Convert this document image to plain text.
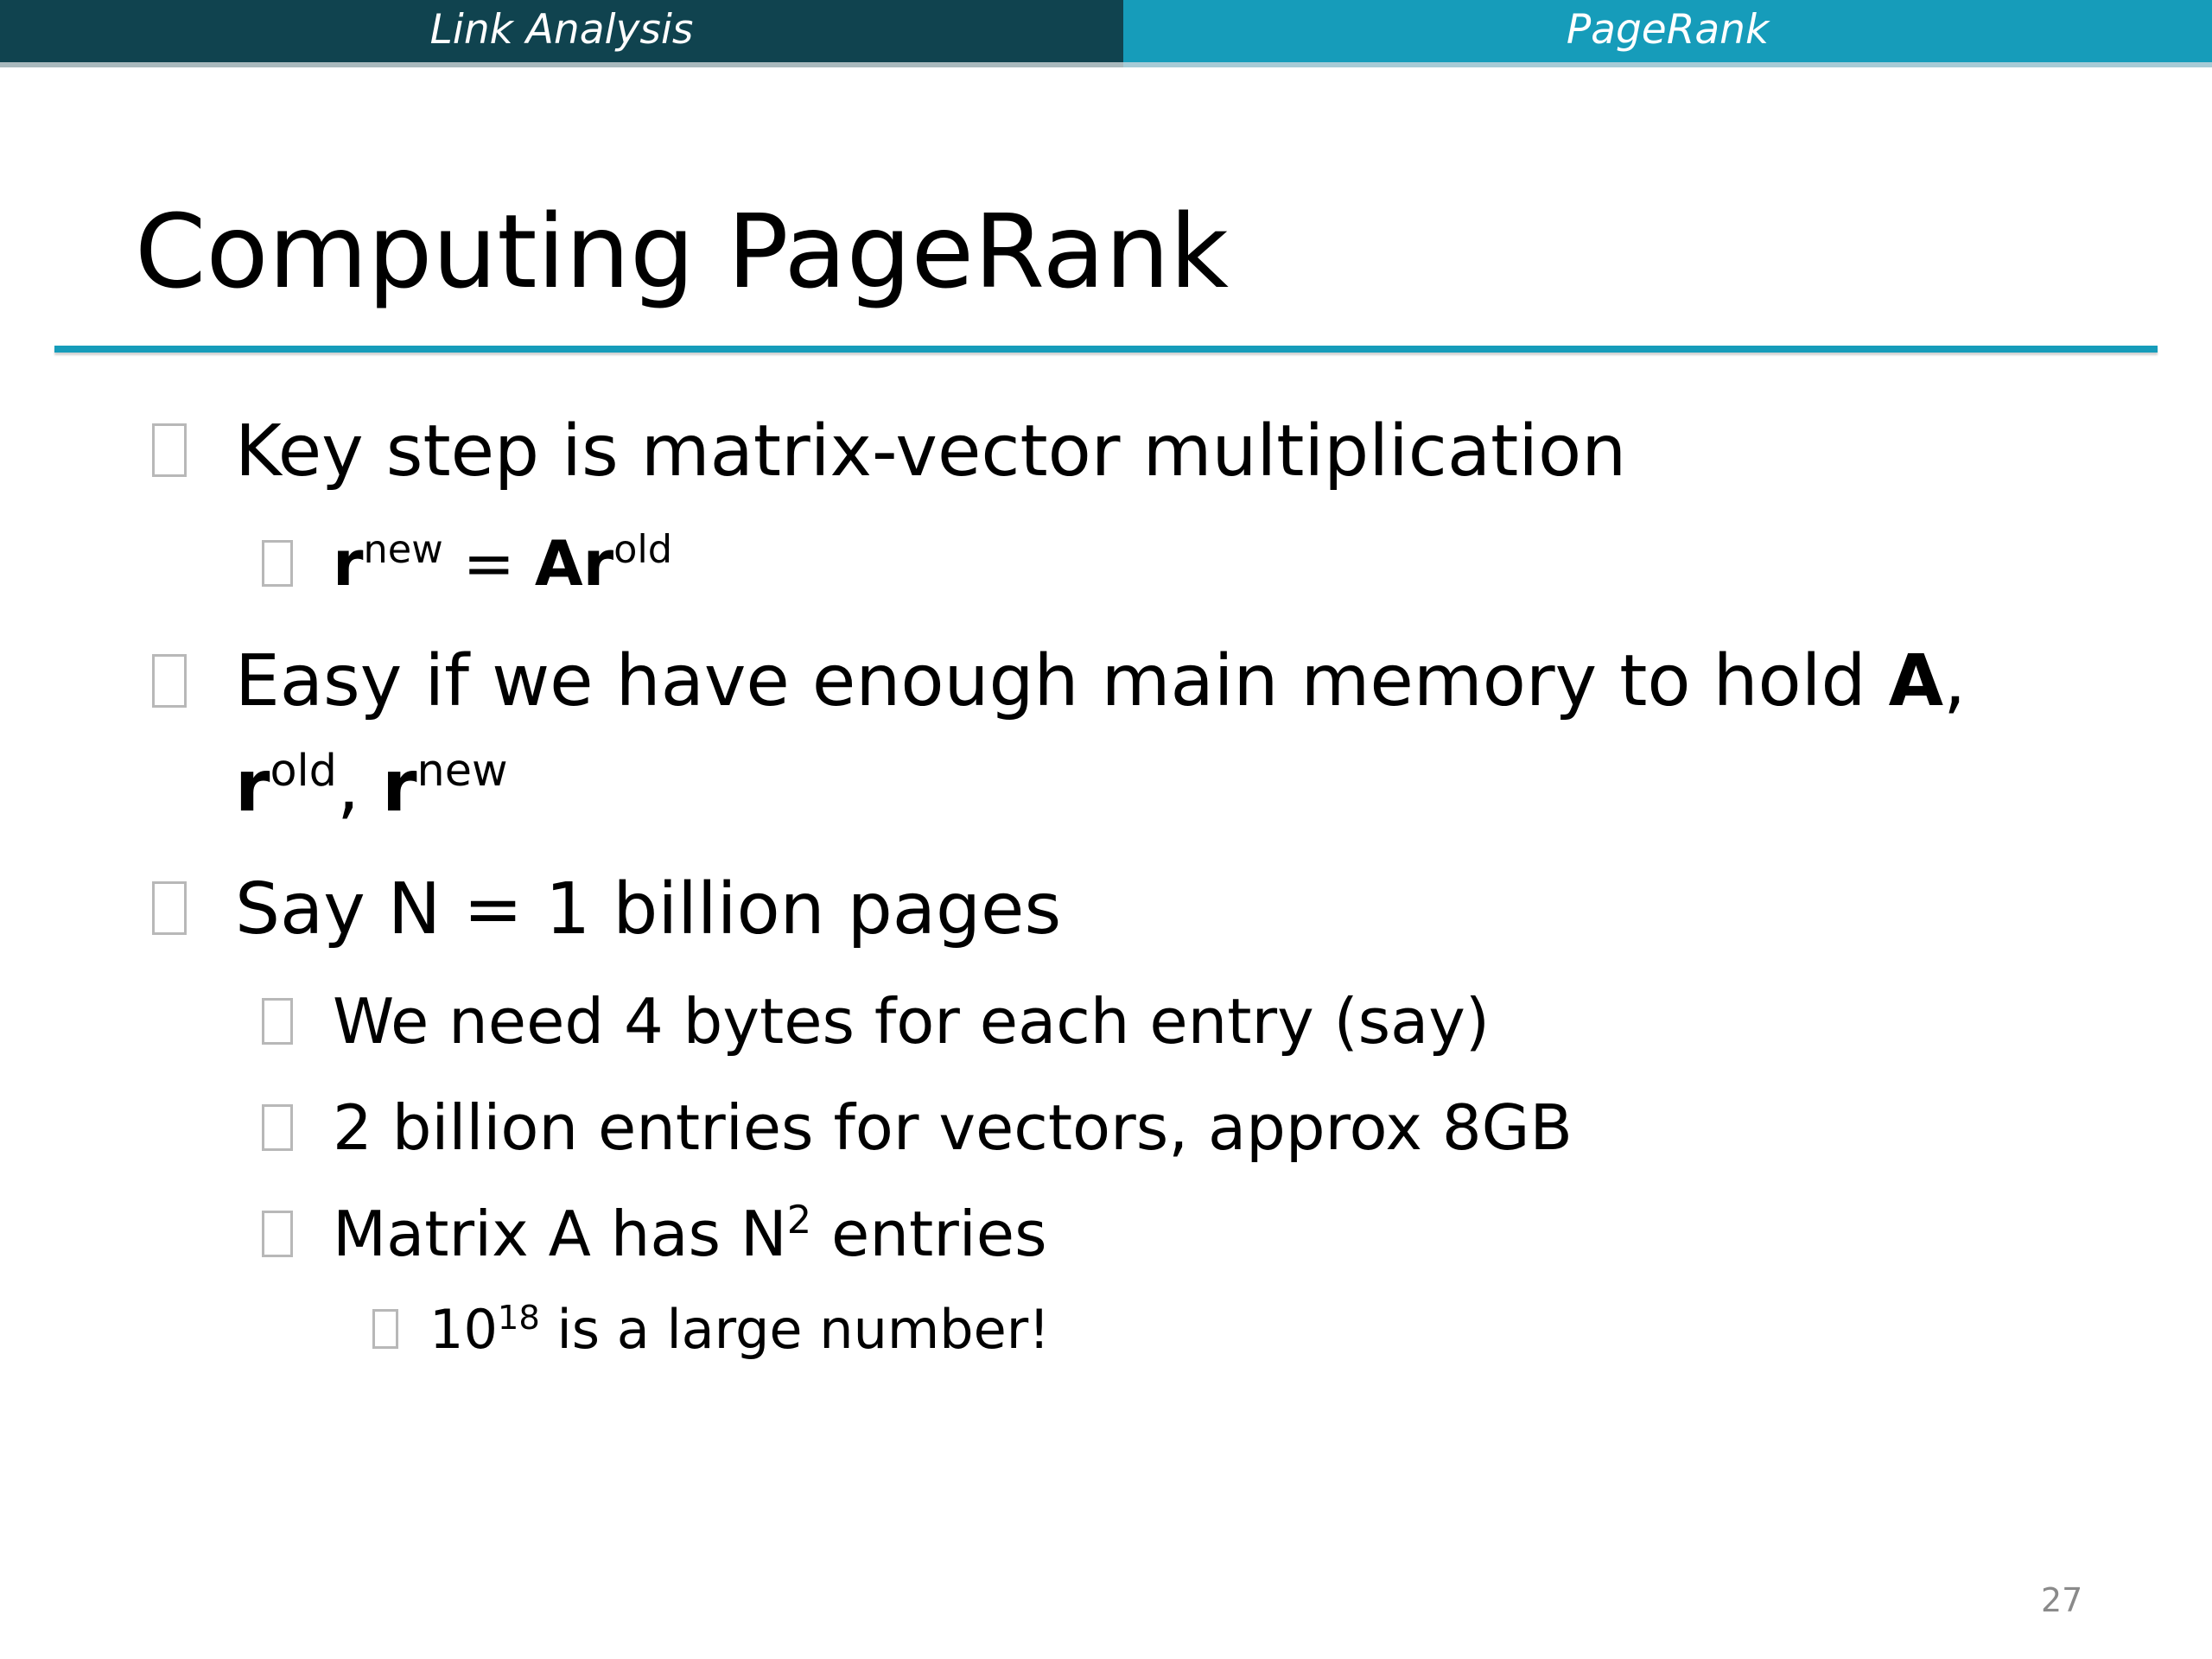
Link Analysis	PageRank
Computing PageRank
Key step is matrix-vector multiplication
$r^{new} = Ar^{old}$
Easy if we have enough main memory to hold A,
$r^{old}$, $r^{new}$
Say N = 1 billion pages
We need 4 bytes for each entry (say)
2 billion entries for vectors, approx 8GB
Matrix A has $N^2$ entries
$10^{18}$ is a large number!
27
